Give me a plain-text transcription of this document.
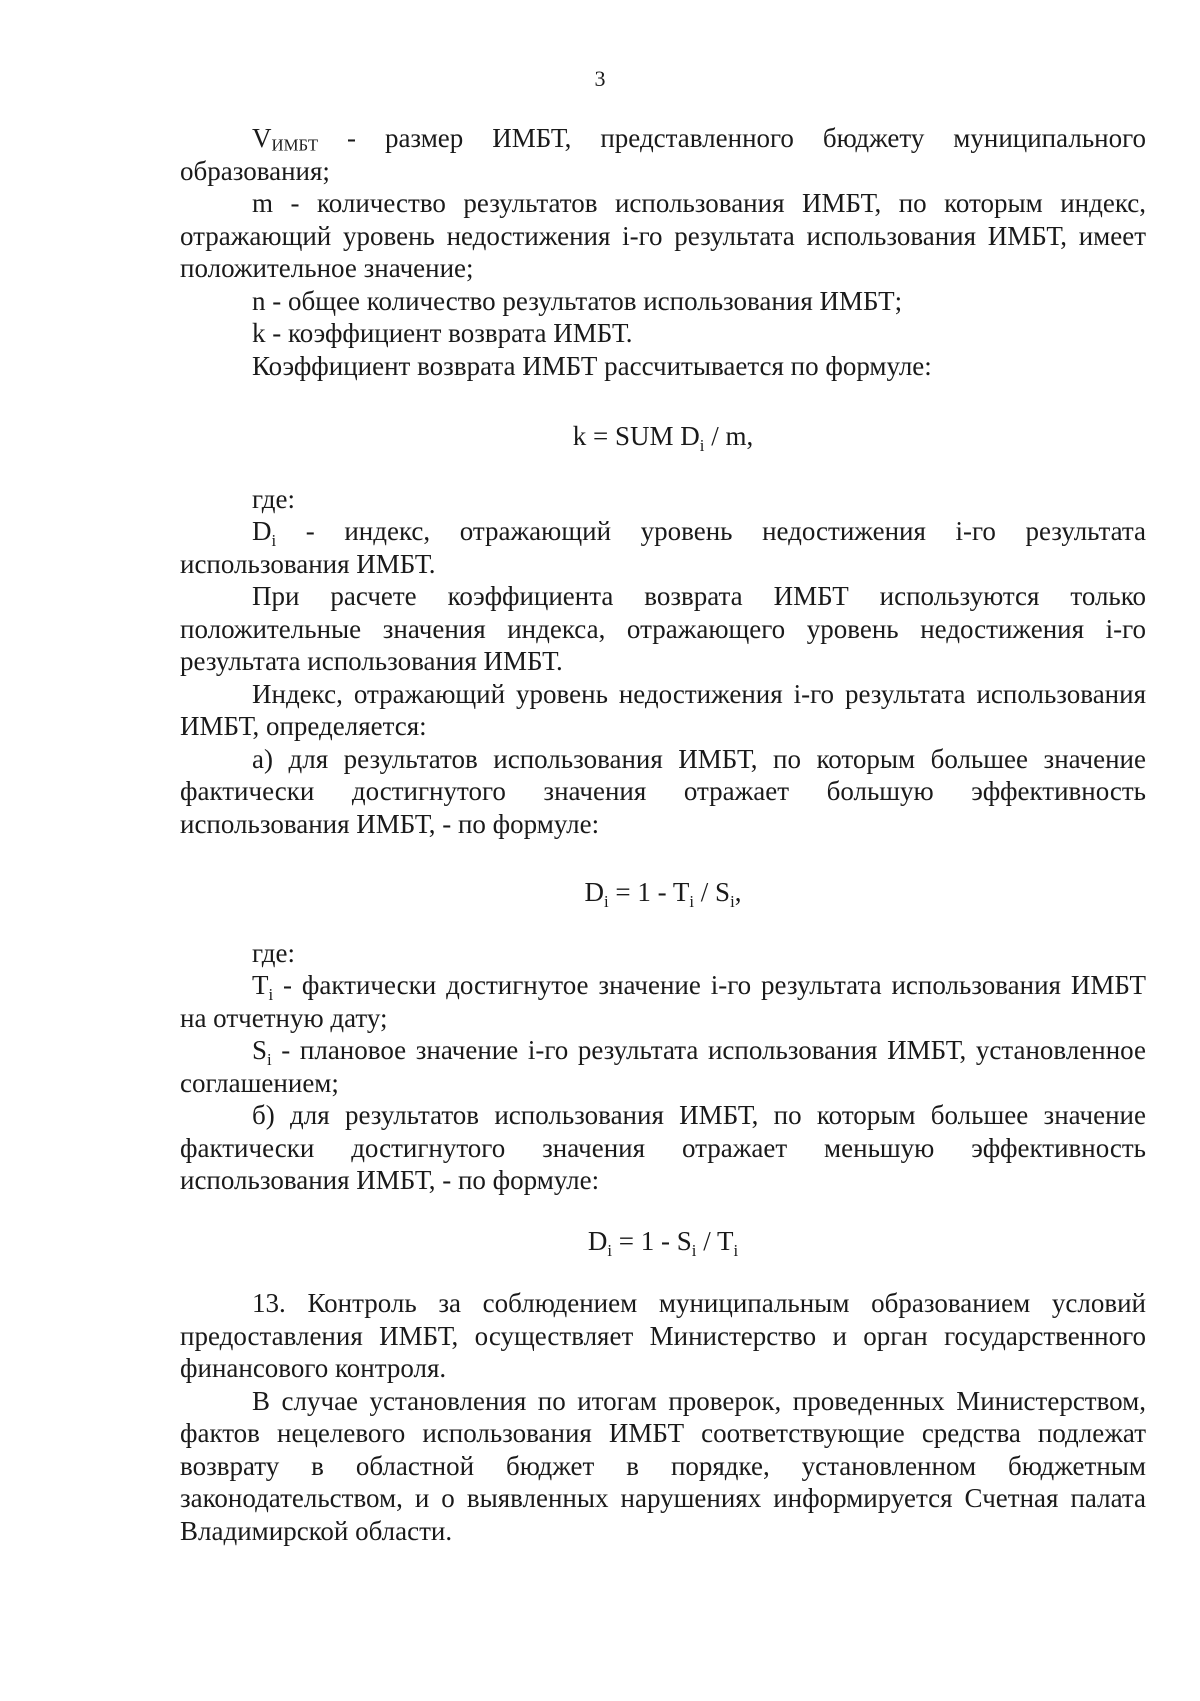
3

$V_{ИМБТ}$ - размер ИМБТ, представленного бюджету муниципального образования;

m - количество результатов использования ИМБТ, по которым индекс, отражающий уровень недостижения i-го результата использования ИМБТ, имеет положительное значение;

n - общее количество результатов использования ИМБТ;

k - коэффициент возврата ИМБТ.

Коэффициент возврата ИМБТ рассчитывается по формуле:

k = SUM $D_i$ / m,

где:

$D_i$ - индекс, отражающий уровень недостижения i-го результата использования ИМБТ.

При расчете коэффициента возврата ИМБТ используются только положительные значения индекса, отражающего уровень недостижения i-го результата использования ИМБТ.

Индекс, отражающий уровень недостижения i-го результата использования ИМБТ, определяется:

а) для результатов использования ИМБТ, по которым большее значение фактически достигнутого значения отражает большую эффективность использования ИМБТ, - по формуле:

$D_i = 1 - T_i / S_i$,

где:

$T_i$ - фактически достигнутое значение i-го результата использования ИМБТ на отчетную дату;

$S_i$ - плановое значение i-го результата использования ИМБТ, установленное соглашением;

б) для результатов использования ИМБТ, по которым большее значение фактически достигнутого значения отражает меньшую эффективность использования ИМБТ, - по формуле:

$D_i = 1 - S_i / T_i$

13. Контроль за соблюдением муниципальным образованием условий предоставления ИМБТ, осуществляет Министерство и орган государственного финансового контроля.

В случае установления по итогам проверок, проведенных Министерством, фактов нецелевого использования ИМБТ соответствующие средства подлежат возврату в областной бюджет в порядке, установленном бюджетным законодательством, и о выявленных нарушениях информируется Счетная палата Владимирской области.
